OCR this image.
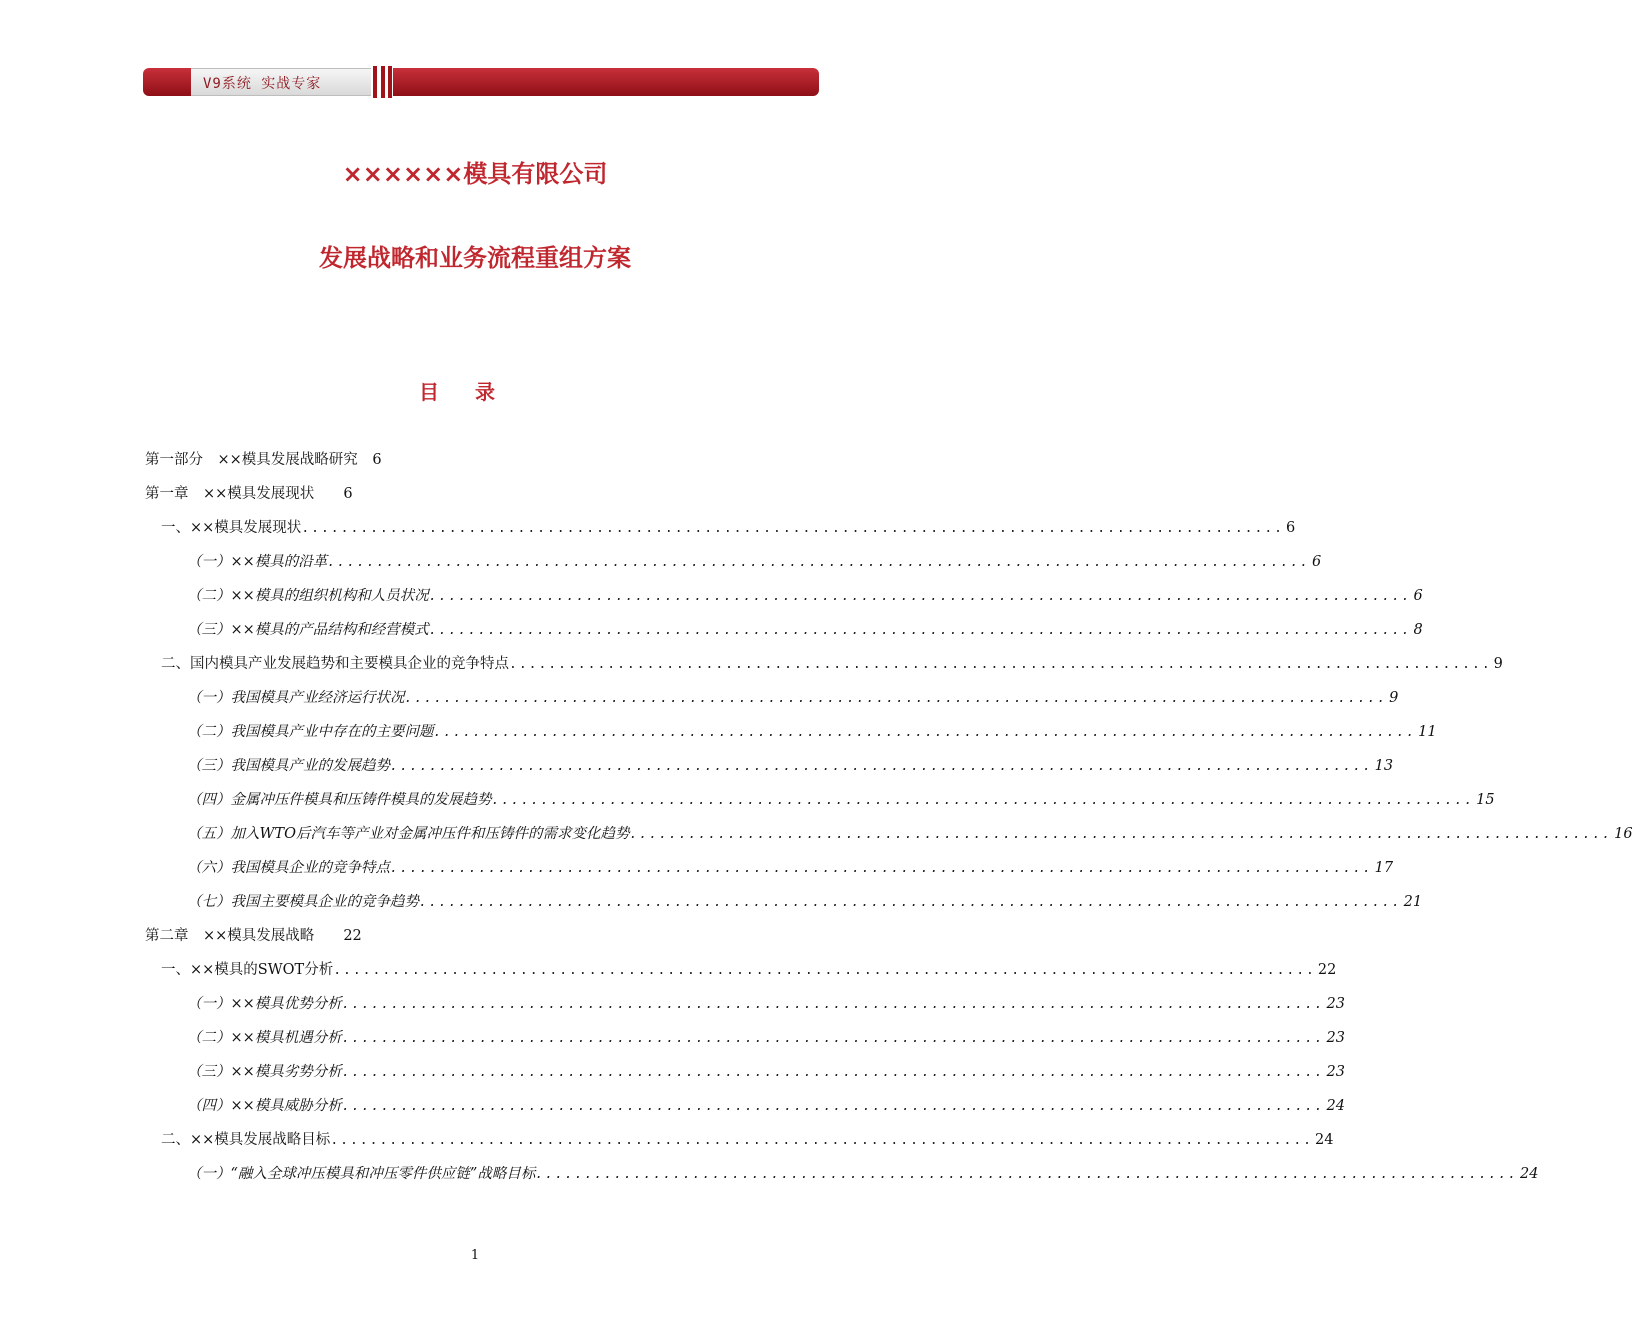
V9系统 实战专家
××××××模具有限公司
发展战略和业务流程重组方案
目录
第一部分　××模具发展战略研究　 6
第一章　××模具发展现状　　 6
一、××模具发展现状 .................................................................................................... 6
（一）××模具的沿革 .................................................................................................... 6
（二）××模具的组织机构和人员状况 .................................................................................................... 6
（三）××模具的产品结构和经营模式 .................................................................................................... 8
二、国内模具产业发展趋势和主要模具企业的竞争特点 .................................................................................................... 9
（一）我国模具产业经济运行状况 .................................................................................................... 9
（二）我国模具产业中存在的主要问题 .................................................................................................... 11
（三）我国模具产业的发展趋势 .................................................................................................... 13
（四）金属冲压件模具和压铸件模具的发展趋势 .................................................................................................... 15
（五）加入WTO后汽车等产业对金属冲压件和压铸件的需求变化趋势 .................................................................................................... 16
（六）我国模具企业的竞争特点 .................................................................................................... 17
（七）我国主要模具企业的竞争趋势 .................................................................................................... 21
第二章　××模具发展战略　　 22
一、××模具的SWOT分析 .................................................................................................... 22
（一）××模具优势分析 .................................................................................................... 23
（二）××模具机遇分析 .................................................................................................... 23
（三）××模具劣势分析 .................................................................................................... 23
（四）××模具威胁分析 .................................................................................................... 24
二、××模具发展战略目标 .................................................................................................... 24
（一）“融入全球冲压模具和冲压零件供应链”战略目标 .................................................................................................... 24
1
